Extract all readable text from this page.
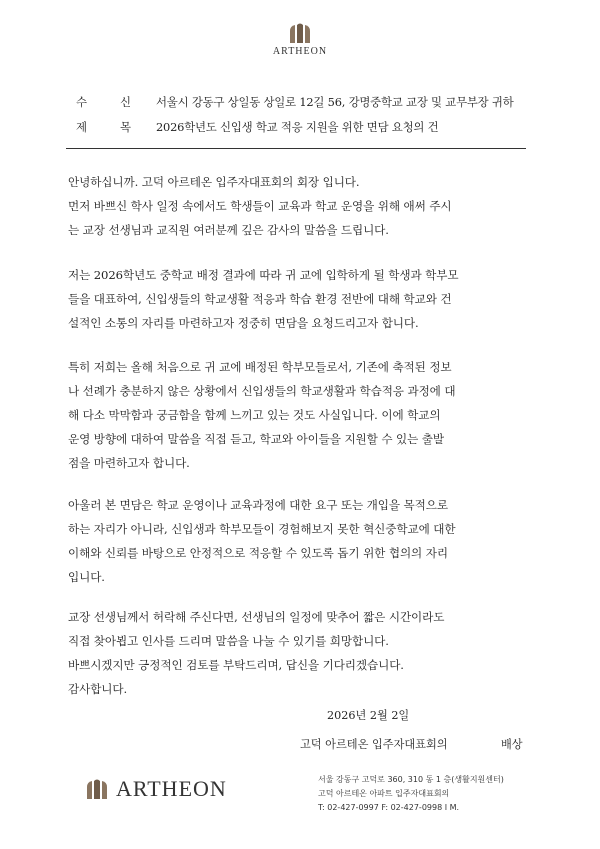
ARTHEON
수	신 서울시 강동구 상일동 상일로 12길 56, 강명중학교 교장 및 교무부장 귀하
제	목 2026학년도 신입생 학교 적응 지원을 위한 면담 요청의 건
안녕하십니까. 고덕 아르테온 입주자대표회의 회장 입니다.
먼저 바쁘신 학사 일정 속에서도 학생들이 교육과 학교 운영을 위해 애써 주시
는 교장 선생님과 교직원 여러분께 깊은 감사의 말씀을 드립니다.
저는 2026학년도 중학교 배정 결과에 따라 귀 교에 입학하게 될 학생과 학부모
들을 대표하여, 신입생들의 학교생활 적응과 학습 환경 전반에 대해 학교와 건
설적인 소통의 자리를 마련하고자 정중히 면담을 요청드리고자 합니다.
특히 저희는 올해 처음으로 귀 교에 배정된 학부모들로서, 기존에 축적된 정보
나 선례가 충분하지 않은 상황에서 신입생들의 학교생활과 학습적응 과정에 대
해 다소 막막함과 궁금함을 함께 느끼고 있는 것도 사실입니다. 이에 학교의
운영 방향에 대하여 말씀을 직접 듣고, 학교와 아이들을 지원할 수 있는 출발
점을 마련하고자 합니다.
아울러 본 면담은 학교 운영이나 교육과정에 대한 요구 또는 개입을 목적으로
하는 자리가 아니라, 신입생과 학부모들이 경험해보지 못한 혁신중학교에 대한
이해와 신뢰를 바탕으로 안정적으로 적응할 수 있도록 돕기 위한 협의의 자리
입니다.
교장 선생님께서 허락해 주신다면, 선생님의 일정에 맞추어 짧은 시간이라도
직접 찾아뵙고 인사를 드리며 말씀을 나눌 수 있기를 희망합니다.
바쁘시겠지만 긍정적인 검토를 부탁드리며, 답신을 기다리겠습니다.
감사합니다.
2026년 2월 2일
고덕 아르테온 입주자대표회의	배상
ARTHEON	서울 강동구 고덕로 360, 310 동 1 층(생활지원센터)
고덕 아르테온 아파트 입주자대표회의
T: 02-427-0997 F: 02-427-0998 I M.
